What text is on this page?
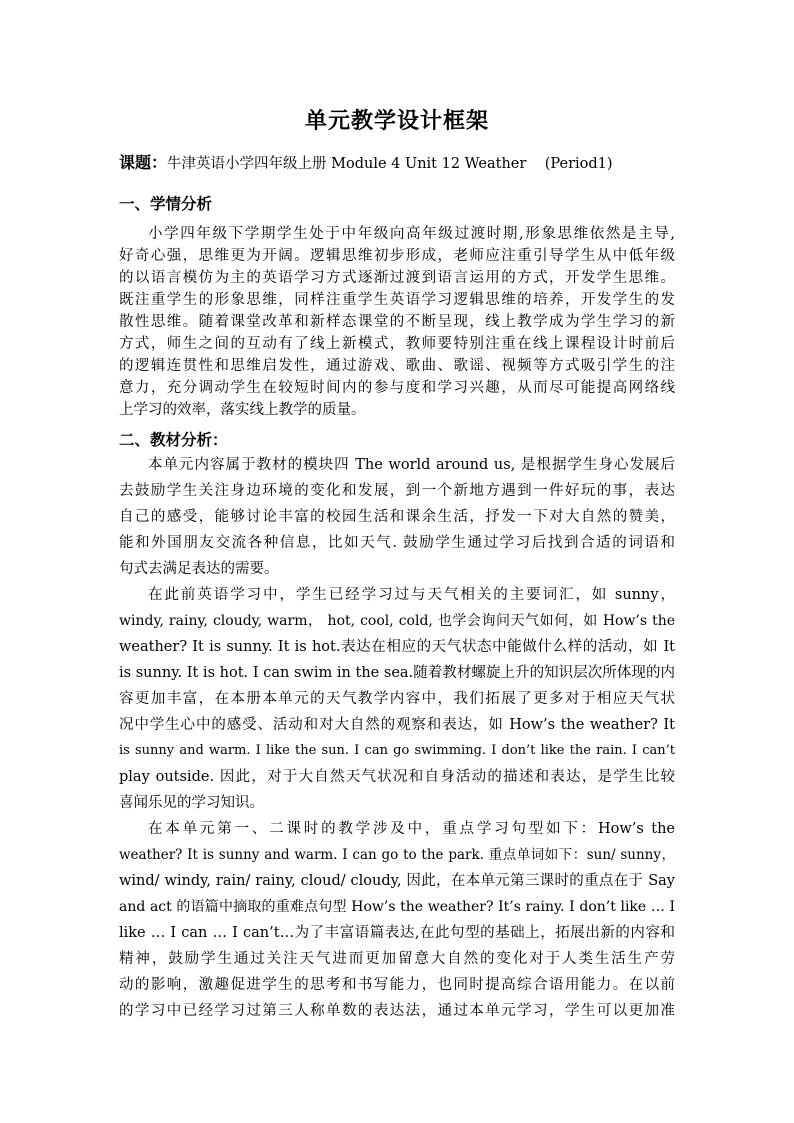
单元教学设计框架
课题：牛津英语小学四年级上册 Module 4 Unit 12 Weather    (Period1)
一、学情分析
小学四年级下学期学生处于中年级向高年级过渡时期,形象思维依然是主导,
好奇心强，思维更为开阔。逻辑思维初步形成，老师应注重引导学生从中低年级
的以语言模仿为主的英语学习方式逐渐过渡到语言运用的方式，开发学生思维。
既注重学生的形象思维，同样注重学生英语学习逻辑思维的培养，开发学生的发
散性思维。随着课堂改革和新样态课堂的不断呈现，线上教学成为学生学习的新
方式，师生之间的互动有了线上新模式，教师要特别注重在线上课程设计时前后
的逻辑连贯性和思维启发性，通过游戏、歌曲、歌谣、视频等方式吸引学生的注
意力，充分调动学生在较短时间内的参与度和学习兴趣，从而尽可能提高网络线
上学习的效率，落实线上教学的质量。
二、教材分析：
本单元内容属于教材的模块四 The world around us, 是根据学生身心发展后
去鼓励学生关注身边环境的变化和发展，到一个新地方遇到一件好玩的事，表达
自己的感受，能够讨论丰富的校园生活和课余生活，抒发一下对大自然的赞美，
能和外国朋友交流各种信息，比如天气. 鼓励学生通过学习后找到合适的词语和
句式去满足表达的需要。
在此前英语学习中，学生已经学习过与天气相关的主要词汇，如 sunny，
windy, rainy, cloudy, warm， hot, cool, cold, 也学会询问天气如何，如 How’s the
weather? It is sunny. It is hot.表达在相应的天气状态中能做什么样的活动，如 It
is sunny. It is hot. I can swim in the sea.随着教材螺旋上升的知识层次所体现的内
容更加丰富，在本册本单元的天气教学内容中，我们拓展了更多对于相应天气状
况中学生心中的感受、活动和对大自然的观察和表达，如 How’s the weather? It
is sunny and warm. I like the sun. I can go swimming. I don’t like the rain. I can’t
play outside. 因此，对于大自然天气状况和自身活动的描述和表达，是学生比较
喜闻乐见的学习知识。
在本单元第一、二课时的教学涉及中，重点学习句型如下：How’s the
weather? It is sunny and warm. I can go to the park. 重点单词如下：sun/ sunny，
wind/ windy, rain/ rainy, cloud/ cloudy, 因此，在本单元第三课时的重点在于 Say
and act 的语篇中摘取的重难点句型 How’s the weather? It’s rainy. I don’t like … I
like … I can … I can’t…为了丰富语篇表达,在此句型的基础上，拓展出新的内容和
精神，鼓励学生通过关注天气进而更加留意大自然的变化对于人类生活生产劳
动的影响，激趣促进学生的思考和书写能力，也同时提高综合语用能力。在以前
的学习中已经学习过第三人称单数的表达法，通过本单元学习，学生可以更加准
